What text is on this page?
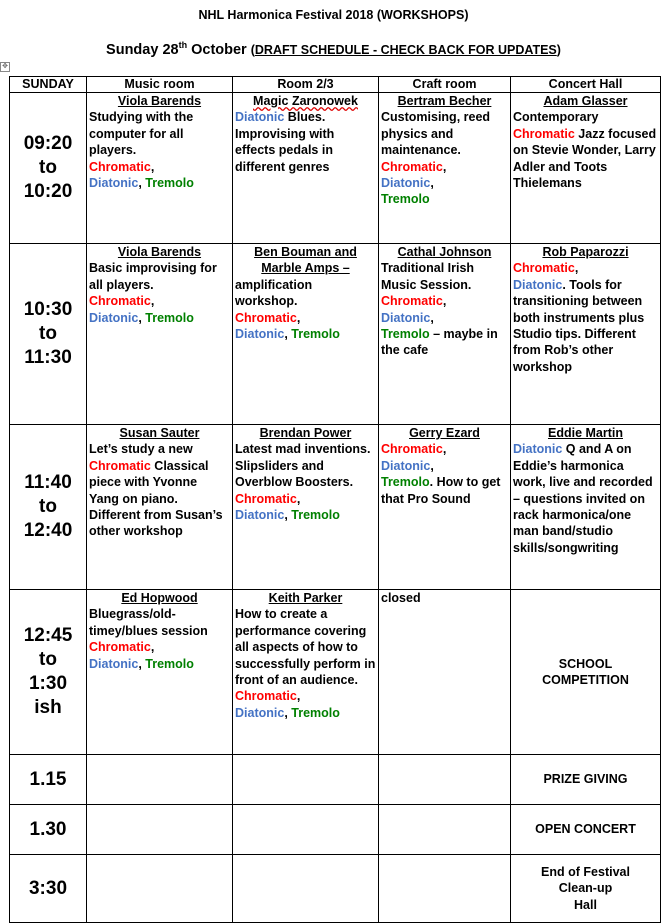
NHL Harmonica Festival 2018 (WORKSHOPS)
Sunday 28th October (DRAFT SCHEDULE - CHECK BACK FOR UPDATES)
✥
SUNDAY	Music room	Room 2/3	Craft room	Concert Hall
09:20
to
10:20	Viola Barends
Studying with the computer for all players.
Chromatic,
Diatonic, Tremolo	Magic Zaronowek
Diatonic Blues. Improvising with effects pedals in different genres	Bertram Becher
Customising, reed physics and maintenance.
Chromatic,
Diatonic,
Tremolo	Adam Glasser
Contemporary Chromatic Jazz focused on Stevie Wonder, Larry Adler and Toots Thielemans
10:30
to
11:30	Viola Barends
Basic improvising for all players.
Chromatic,
Diatonic, Tremolo	Ben Bouman and Marble Amps –
amplification workshop.
Chromatic,
Diatonic, Tremolo	Cathal Johnson
Traditional Irish Music Session.
Chromatic,
Diatonic,
Tremolo – maybe in the cafe	Rob Paparozzi
Chromatic,
Diatonic. Tools for transitioning between both instruments plus Studio tips. Different from Rob’s other workshop
11:40
to
12:40	Susan Sauter
Let’s study a new Chromatic Classical piece with Yvonne Yang on piano. Different from Susan’s other workshop	Brendan Power
Latest mad inventions. Slipsliders and Overblow Boosters.
Chromatic,
Diatonic, Tremolo	Gerry Ezard
Chromatic,
Diatonic,
Tremolo. How to get that Pro Sound	Eddie Martin
Diatonic Q and A on Eddie’s harmonica work, live and recorded – questions invited on rack harmonica/one man band/studio skills/songwriting
12:45
to
1:30
ish	Ed Hopwood
Bluegrass/old-timey/blues session Chromatic,
Diatonic, Tremolo	Keith Parker
How to create a performance covering all aspects of how to successfully perform in front of an audience.
Chromatic,
Diatonic, Tremolo	closed	SCHOOL
COMPETITION
1.15				PRIZE GIVING
1.30				OPEN CONCERT
3:30				End of Festival
Clean-up
Hall
